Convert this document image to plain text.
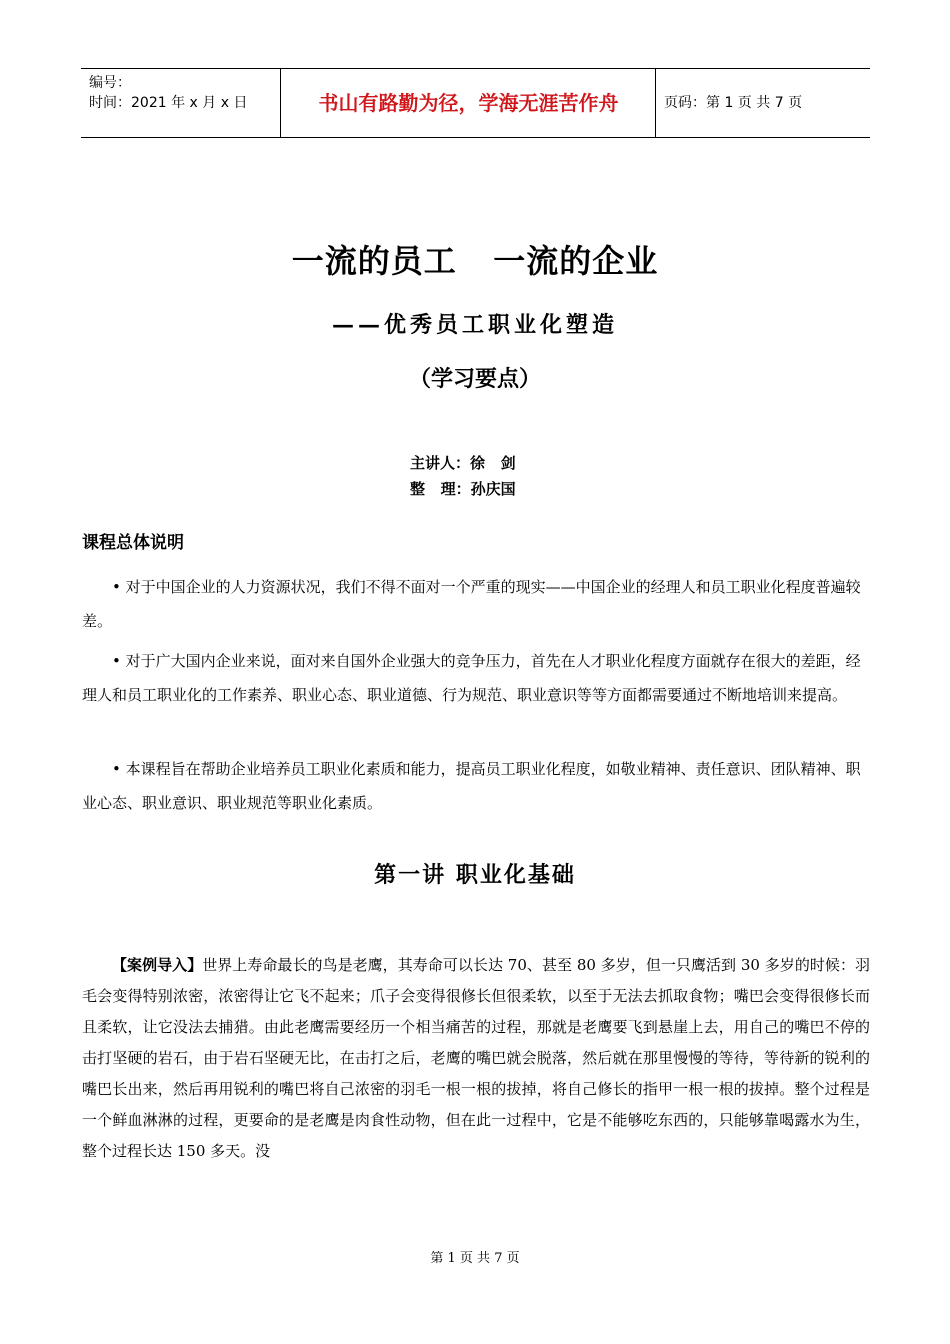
编号：
时间：2021 年 x 月 x 日	书山有路勤为径，学海无涯苦作舟	页码：第 1 页 共 7 页
一流的员工   一流的企业
——优秀员工职业化塑造
（学习要点）
主讲人：徐   剑
整   理：孙庆国
课程总体说明
• 对于中国企业的人力资源状况，我们不得不面对一个严重的现实——中国企业的经理人和员工职业化程度普遍较差。
• 对于广大国内企业来说，面对来自国外企业强大的竞争压力，首先在人才职业化程度方面就存在很大的差距，经理人和员工职业化的工作素养、职业心态、职业道德、行为规范、职业意识等等方面都需要通过不断地培训来提高。
• 本课程旨在帮助企业培养员工职业化素质和能力，提高员工职业化程度，如敬业精神、责任意识、团队精神、职业心态、职业意识、职业规范等职业化素质。
第一讲 职业化基础
【案例导入】世界上寿命最长的鸟是老鹰，其寿命可以长达 70、甚至 80 多岁，但一只鹰活到 30 多岁的时候：羽毛会变得特别浓密，浓密得让它飞不起来；爪子会变得很修长但很柔软，以至于无法去抓取食物；嘴巴会变得很修长而且柔软，让它没法去捕猎。由此老鹰需要经历一个相当痛苦的过程，那就是老鹰要飞到悬崖上去，用自己的嘴巴不停的击打坚硬的岩石，由于岩石坚硬无比，在击打之后，老鹰的嘴巴就会脱落，然后就在那里慢慢的等待，等待新的锐利的嘴巴长出来，然后再用锐利的嘴巴将自己浓密的羽毛一根一根的拔掉，将自己修长的指甲一根一根的拔掉。整个过程是一个鲜血淋淋的过程，更要命的是老鹰是肉食性动物，但在此一过程中，它是不能够吃东西的，只能够靠喝露水为生，整个过程长达 150 多天。没
第 1 页 共 7 页
